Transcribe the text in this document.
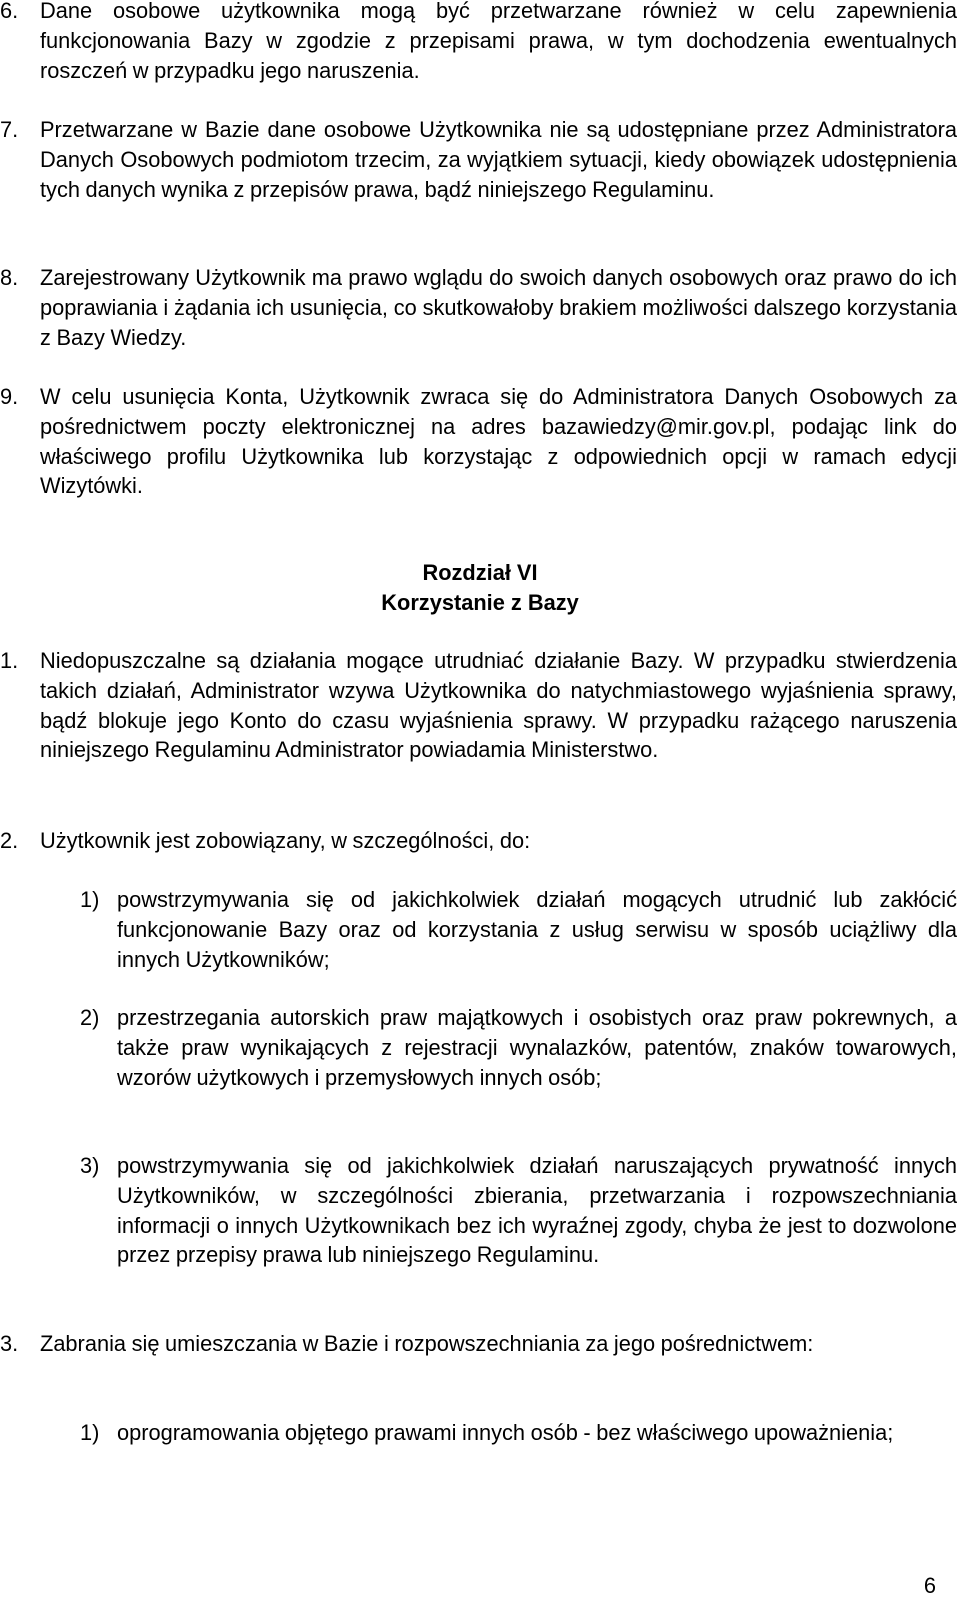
6. Dane osobowe użytkownika mogą być przetwarzane również w celu zapewnienia funkcjonowania Bazy w zgodzie z przepisami prawa, w tym dochodzenia ewentualnych roszczeń w przypadku jego naruszenia.
7. Przetwarzane w Bazie dane osobowe Użytkownika nie są udostępniane przez Administratora Danych Osobowych podmiotom trzecim, za wyjątkiem sytuacji, kiedy obowiązek udostępnienia tych danych wynika z przepisów prawa, bądź niniejszego Regulaminu.
8. Zarejestrowany Użytkownik ma prawo wglądu do swoich danych osobowych oraz prawo do ich poprawiania i żądania ich usunięcia, co skutkowałoby brakiem możliwości dalszego korzystania z Bazy Wiedzy.
9. W celu usunięcia Konta, Użytkownik zwraca się do Administratora Danych Osobowych za pośrednictwem poczty elektronicznej na adres bazawiedzy@mir.gov.pl, podając link do właściwego profilu Użytkownika lub korzystając z odpowiednich opcji w ramach edycji Wizytówki.
Rozdział VI
Korzystanie z Bazy
1. Niedopuszczalne są działania mogące utrudniać działanie Bazy. W przypadku stwierdzenia takich działań, Administrator wzywa Użytkownika do natychmiastowego wyjaśnienia sprawy, bądź blokuje jego Konto do czasu wyjaśnienia sprawy. W przypadku rażącego naruszenia niniejszego Regulaminu Administrator powiadamia Ministerstwo.
2. Użytkownik jest zobowiązany, w szczególności, do:
1) powstrzymywania się od jakichkolwiek działań mogących utrudnić lub zakłócić funkcjonowanie Bazy oraz od korzystania z usług serwisu w sposób uciążliwy dla innych Użytkowników;
2) przestrzegania autorskich praw majątkowych i osobistych oraz praw pokrewnych, a także praw wynikających z rejestracji wynalazków, patentów, znaków towarowych, wzorów użytkowych i przemysłowych innych osób;
3) powstrzymywania się od jakichkolwiek działań naruszających prywatność innych Użytkowników, w szczególności zbierania, przetwarzania i rozpowszechniania informacji o innych Użytkownikach bez ich wyraźnej zgody, chyba że jest to dozwolone przez przepisy prawa lub niniejszego Regulaminu.
3. Zabrania się umieszczania w Bazie i rozpowszechniania za jego pośrednictwem:
1) oprogramowania objętego prawami innych osób - bez właściwego upoważnienia;
6
